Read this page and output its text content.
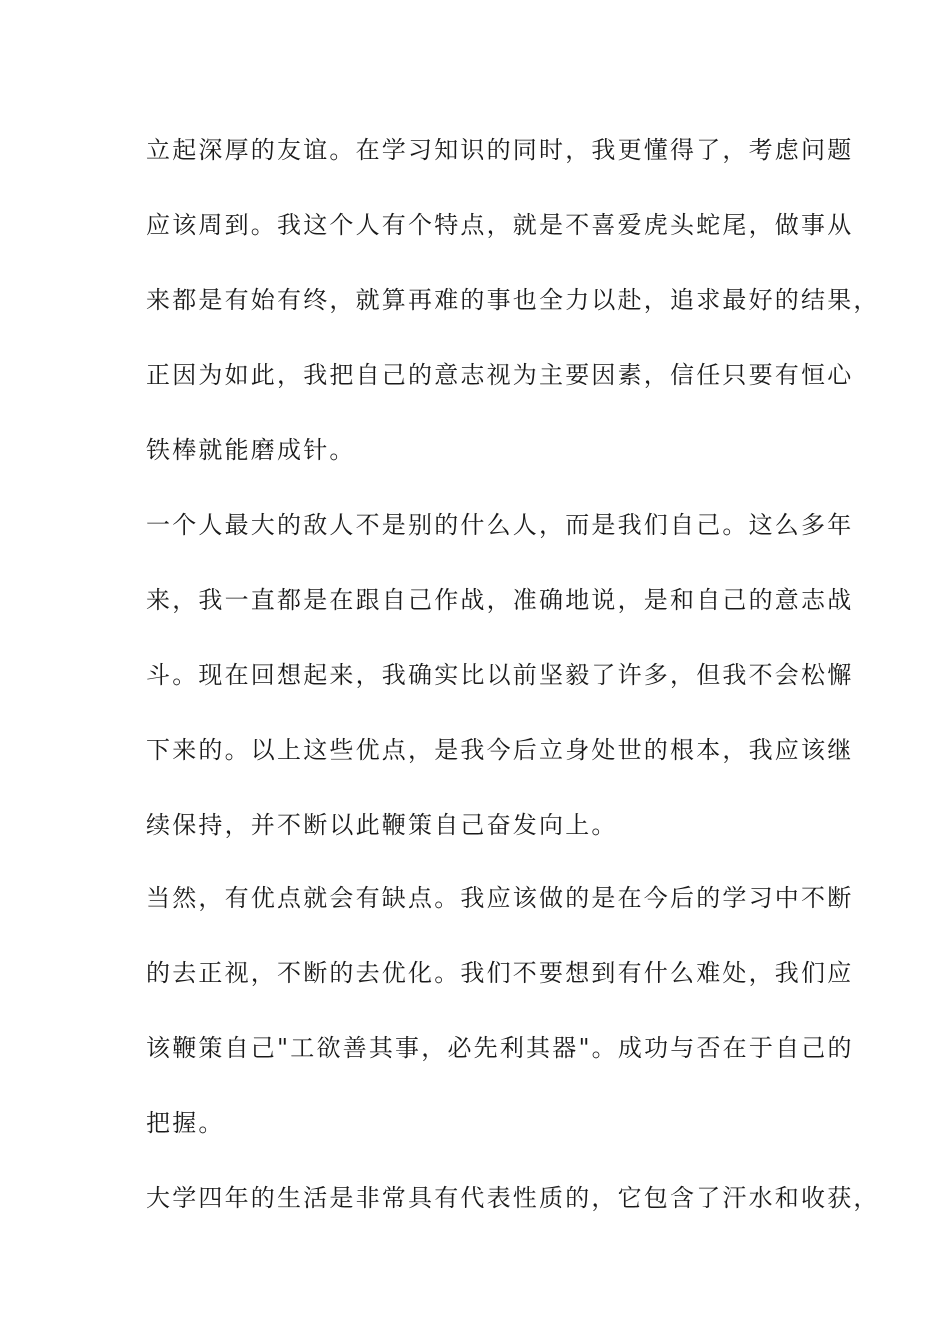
立起深厚的友谊。在学习知识的同时，我更懂得了，考虑问题
应该周到。我这个人有个特点，就是不喜爱虎头蛇尾，做事从
来都是有始有终，就算再难的事也全力以赴，追求最好的结果，
正因为如此，我把自己的意志视为主要因素，信任只要有恒心
铁棒就能磨成针。
一个人最大的敌人不是别的什么人，而是我们自己。这么多年
来，我一直都是在跟自己作战，准确地说，是和自己的意志战
斗。现在回想起来，我确实比以前坚毅了许多，但我不会松懈
下来的。以上这些优点，是我今后立身处世的根本，我应该继
续保持，并不断以此鞭策自己奋发向上。
当然，有优点就会有缺点。我应该做的是在今后的学习中不断
的去正视，不断的去优化。我们不要想到有什么难处，我们应
该鞭策自己"工欲善其事，必先利其器"。成功与否在于自己的
把握。
大学四年的生活是非常具有代表性质的，它包含了汗水和收获，
